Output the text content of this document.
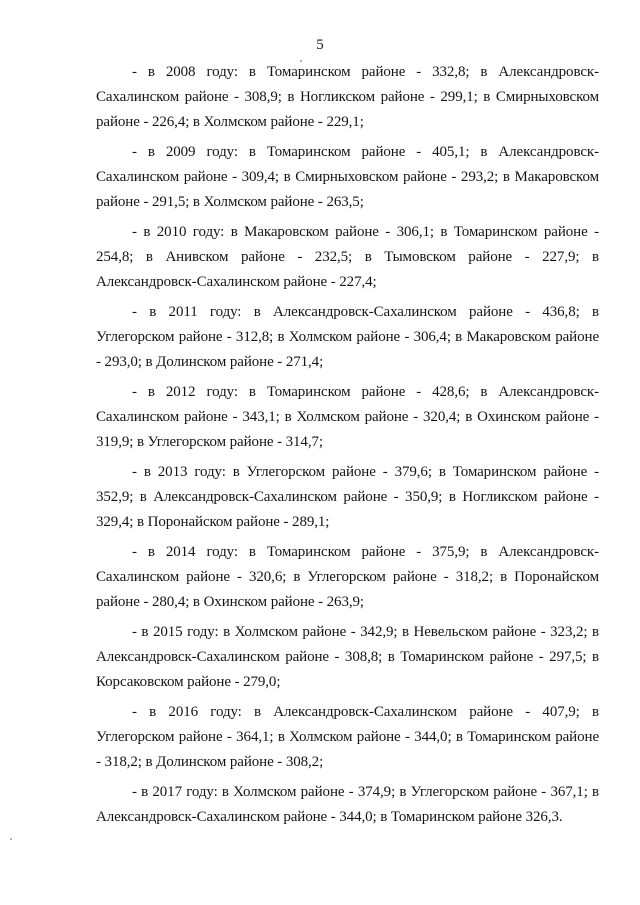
5

- в 2008 году: в Томаринском районе - 332,8; в Александровск-Сахалинском районе - 308,9; в Ногликском районе - 299,1; в Смирныховском районе - 226,4; в Холмском районе - 229,1;

- в 2009 году: в Томаринском районе - 405,1; в Александровск-Сахалинском районе - 309,4; в Смирныховском районе - 293,2; в Макаровском районе - 291,5; в Холмском районе - 263,5;

- в 2010 году: в Макаровском районе - 306,1; в Томаринском районе - 254,8; в Анивском районе - 232,5; в Тымовском районе - 227,9; в Александровск-Сахалинском районе - 227,4;

- в 2011 году: в Александровск-Сахалинском районе - 436,8; в Углегорском районе - 312,8; в Холмском районе - 306,4; в Макаровском районе - 293,0; в Долинском районе - 271,4;

- в 2012 году: в Томаринском районе - 428,6; в Александровск-Сахалинском районе - 343,1; в Холмском районе - 320,4; в Охинском районе - 319,9; в Углегорском районе - 314,7;

- в 2013 году: в Углегорском районе - 379,6; в Томаринском районе - 352,9; в Александровск-Сахалинском районе - 350,9; в Ногликском районе - 329,4; в Поронайском районе - 289,1;

- в 2014 году: в Томаринском районе - 375,9; в Александровск-Сахалинском районе - 320,6; в Углегорском районе - 318,2; в Поронайском районе - 280,4; в Охинском районе - 263,9;

- в 2015 году: в Холмском районе - 342,9; в Невельском районе - 323,2; в Александровск-Сахалинском районе - 308,8; в Томаринском районе - 297,5; в Корсаковском районе - 279,0;

- в 2016 году: в Александровск-Сахалинском районе - 407,9; в Углегорском районе - 364,1; в Холмском районе - 344,0; в Томаринском районе - 318,2; в Долинском районе - 308,2;

- в 2017 году: в Холмском районе - 374,9; в Углегорском районе - 367,1; в Александровск-Сахалинском районе - 344,0; в Томаринском районе 326,3.
